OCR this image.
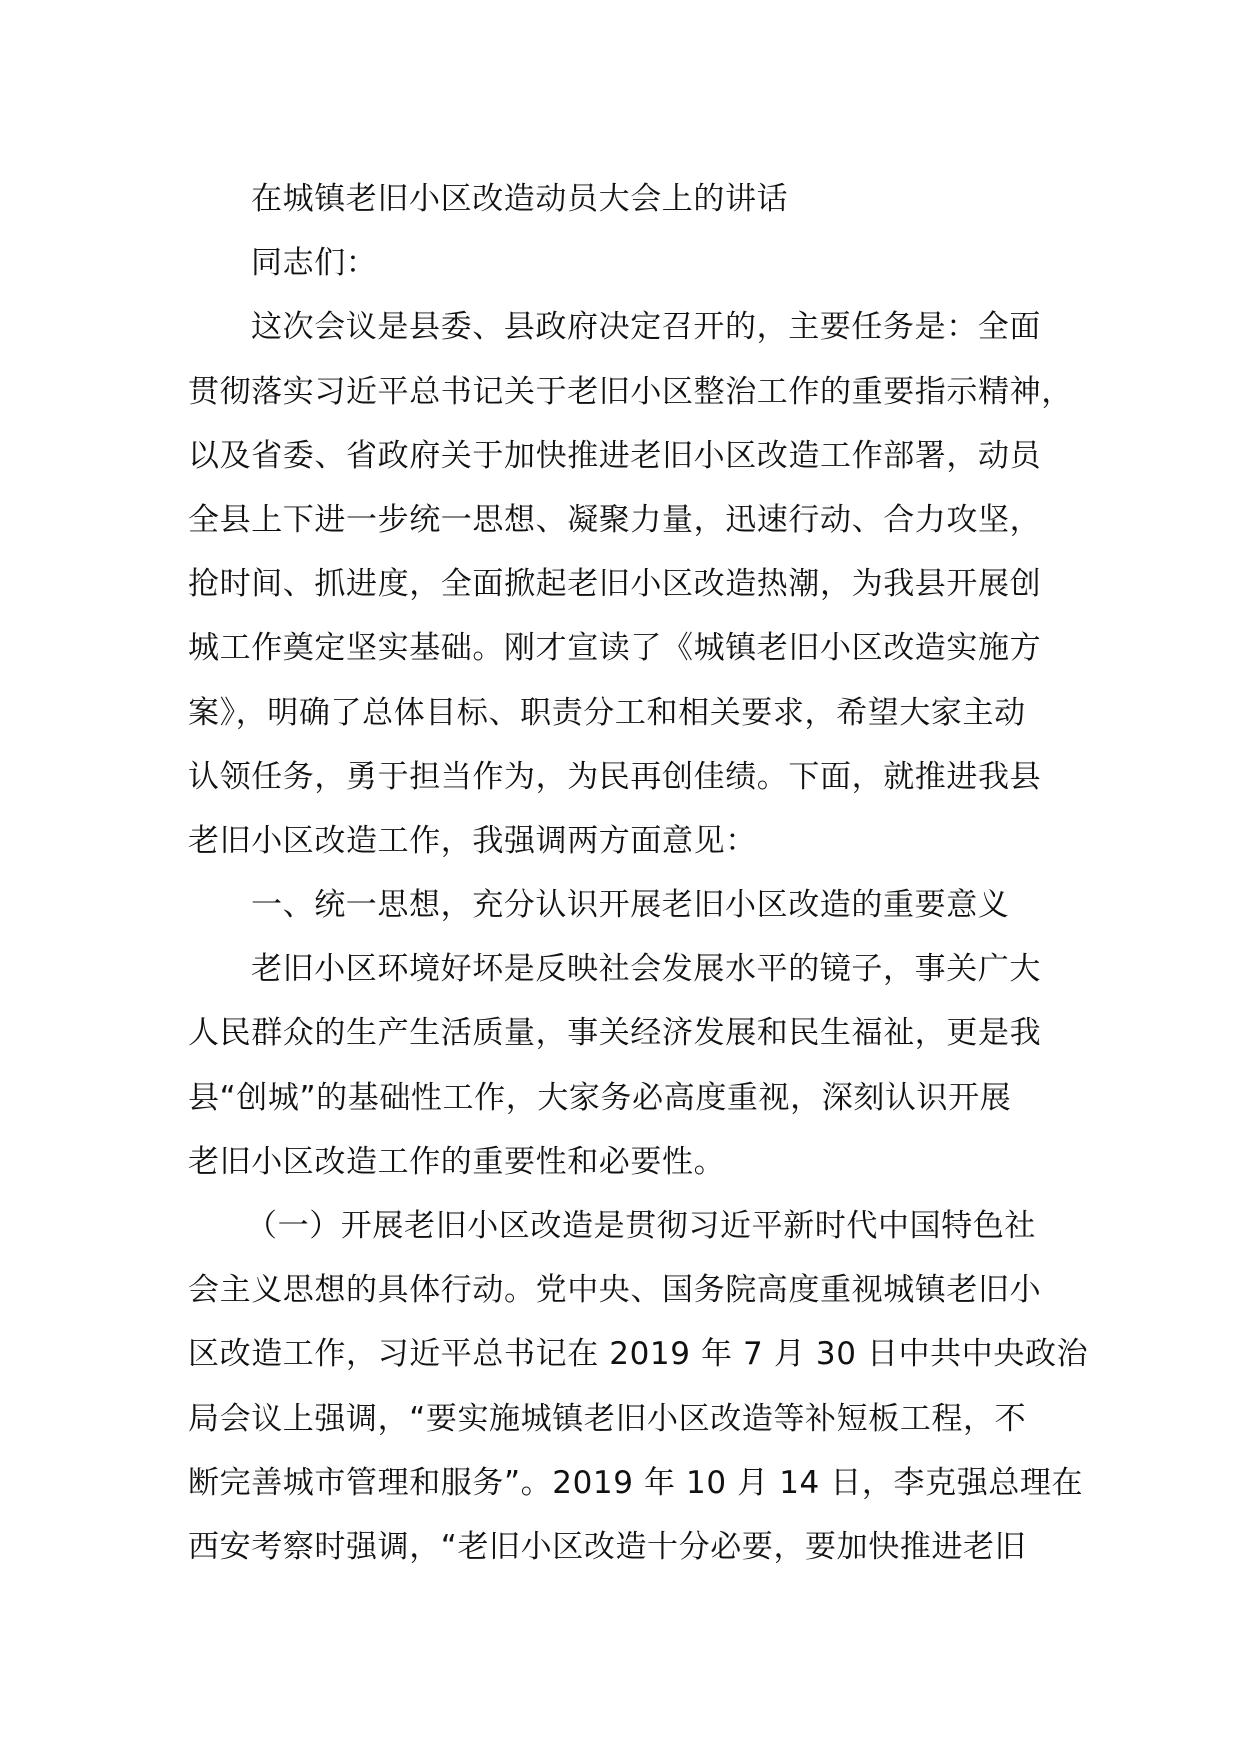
在城镇老旧小区改造动员大会上的讲话
同志们：
这次会议是县委、县政府决定召开的，主要任务是：全面
贯彻落实习近平总书记关于老旧小区整治工作的重要指示精神，
以及省委、省政府关于加快推进老旧小区改造工作部署，动员
全县上下进一步统一思想、凝聚力量，迅速行动、合力攻坚，
抢时间、抓进度，全面掀起老旧小区改造热潮，为我县开展创
城工作奠定坚实基础。刚才宣读了《城镇老旧小区改造实施方
案》，明确了总体目标、职责分工和相关要求，希望大家主动
认领任务，勇于担当作为，为民再创佳绩。下面，就推进我县
老旧小区改造工作，我强调两方面意见：
一、统一思想，充分认识开展老旧小区改造的重要意义
老旧小区环境好坏是反映社会发展水平的镜子，事关广大
人民群众的生产生活质量，事关经济发展和民生福祉，更是我
县“创城”的基础性工作，大家务必高度重视，深刻认识开展
老旧小区改造工作的重要性和必要性。
（一）开展老旧小区改造是贯彻习近平新时代中国特色社
会主义思想的具体行动。党中央、国务院高度重视城镇老旧小
区改造工作，习近平总书记在 2019 年 7 月 30 日中共中央政治
局会议上强调，“要实施城镇老旧小区改造等补短板工程，不
断完善城市管理和服务”。2019 年 10 月 14 日，李克强总理在
西安考察时强调，“老旧小区改造十分必要，要加快推进老旧
